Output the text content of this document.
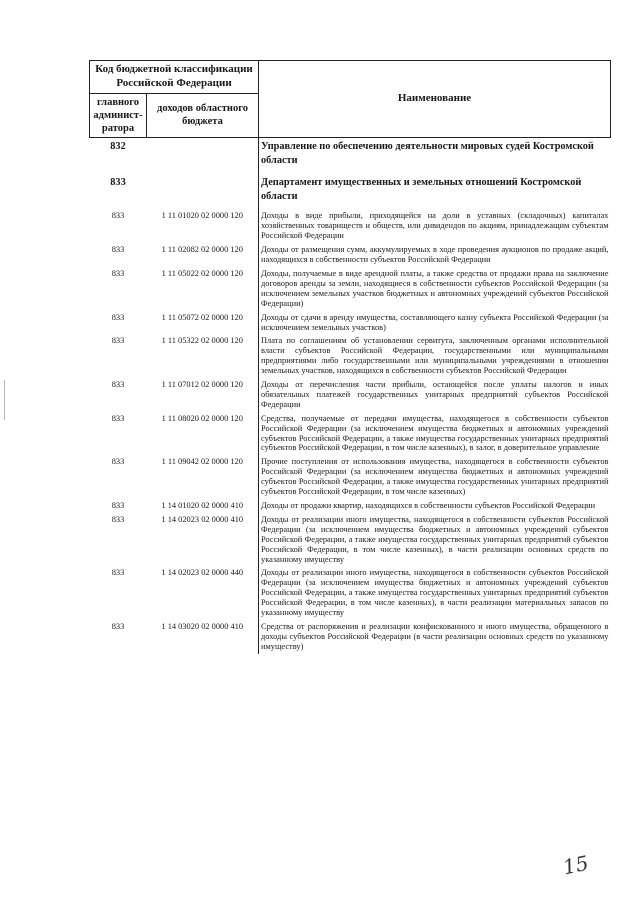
Код бюджетной классификации Российской Федерации		Наименование
главного админист-ратора	доходов областного бюджета	
832		Управление по обеспечению деятельности мировых судей Костромской области
833		Департамент имущественных и земельных отношений Костромской области
833	1 11 01020 02 0000 120	Доходы в виде прибыли, приходящейся на доли в уставных (складочных) капиталах хозяйственных товариществ и обществ, или дивидендов по акциям, принадлежащим субъектам Российской Федерации
833	1 11 02082 02 0000 120	Доходы от размещения сумм, аккумулируемых в ходе проведения аукционов по продаже акций, находящихся в собственности субъектов Российской Федерации
833	1 11 05022 02 0000 120	Доходы, получаемые в виде арендной платы, а также средства от продажи права на заключение договоров аренды за земли, находящиеся в собственности субъектов Российской Федерации (за исключением земельных участков бюджетных и автономных учреждений субъектов Российской Федерации)
833	1 11 05072 02 0000 120	Доходы от сдачи в аренду имущества, составляющего казну субъекта Российской Федерации (за исключением земельных участков)
833	1 11 05322 02 0000 120	Плата по соглашениям об установлении сервитута, заключенным органами исполнительной власти субъектов Российской Федерации, государственными или муниципальными предприятиями либо государственными или муниципальными учреждениями в отношении земельных участков, находящихся в собственности субъектов Российской Федерации
833	1 11 07012 02 0000 120	Доходы от перечисления части прибыли, остающейся после уплаты налогов и иных обязательных платежей государственных унитарных предприятий субъектов Российской Федерации
833	1 11 08020 02 0000 120	Средства, получаемые от передачи имущества, находящегося в собственности субъектов Российской Федерации (за исключением имущества бюджетных и автономных учреждений субъектов Российской Федерации, а также имущества государственных унитарных предприятий субъектов Российской Федерации, в том числе казенных), в залог, в доверительное управление
833	1 11 09042 02 0000 120	Прочие поступления от использования имущества, находящегося в собственности субъектов Российской Федерации (за исключением имущества бюджетных и автономных учреждений субъектов Российской Федерации, а также имущества государственных унитарных предприятий субъектов Российской Федерации, в том числе казенных)
833	1 14 01020 02 0000 410	Доходы от продажи квартир, находящихся в собственности субъектов Российской Федерации
833	1 14 02023 02 0000 410	Доходы от реализации иного имущества, находящегося в собственности субъектов Российской Федерации (за исключением имущества бюджетных и автономных учреждений субъектов Российской Федерации, а также имущества государственных унитарных предприятий субъектов Российской Федерации, в том числе казенных), в части реализации основных средств по указанному имуществу
833	1 14 02023 02 0000 440	Доходы от реализации иного имущества, находящегося в собственности субъектов Российской Федерации (за исключением имущества бюджетных и автономных учреждений субъектов Российской Федерации, а также имущества государственных унитарных предприятий субъектов Российской Федерации, в том числе казенных), в части реализации материальных запасов по указанному имуществу
833	1 14 03020 02 0000 410	Средства от распоряжения и реализации конфискованного и иного имущества, обращенного в доходы субъектов Российской Федерации (в части реализации основных средств по указанному имуществу)
15
